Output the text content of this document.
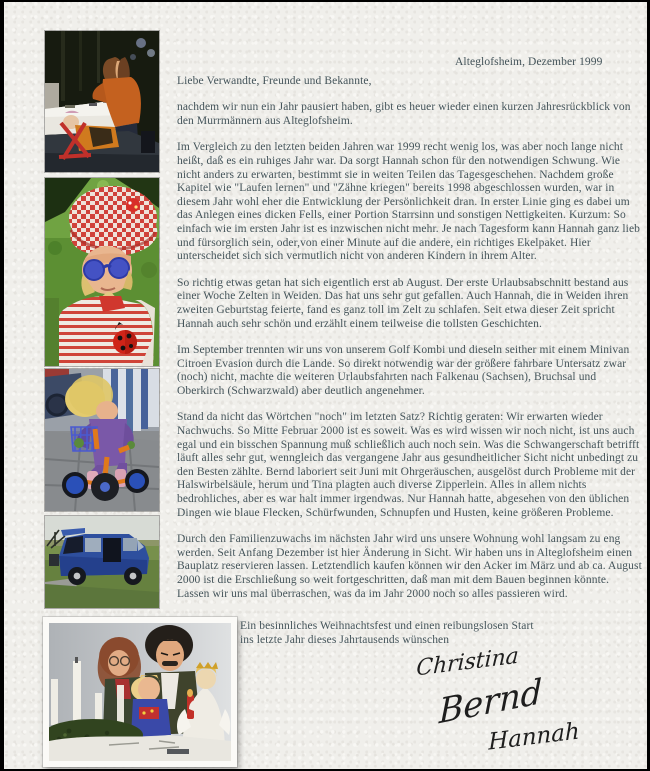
Alteglofsheim, Dezember 1999

Liebe Verwandte, Freunde und Bekannte,

nachdem wir nun ein Jahr pausiert haben, gibt es heuer wieder einen kurzen Jahresrückblick von den Murrmännern aus Alteglofsheim.

Im Vergleich zu den letzten beiden Jahren war 1999 recht wenig los, was aber noch lange nicht heißt, daß es ein ruhiges Jahr war. Da sorgt Hannah schon für den notwendigen Schwung. Wie nicht anders zu erwarten, bestimmt sie in weiten Teilen das Tagesgeschehen. Nachdem große Kapitel wie "Laufen lernen" und "Zähne kriegen" bereits 1998 abgeschlossen wurden, war in diesem Jahr wohl eher die Entwicklung der Persönlichkeit dran. In erster Linie ging es dabei um das Anlegen eines dicken Fells, einer Portion Starrsinn und sonstigen Nettigkeiten. Kurzum: So einfach wie im ersten Jahr ist es inzwischen nicht mehr. Je nach Tagesform kann Hannah ganz lieb und fürsorglich sein, oder,von einer Minute auf die andere, ein richtiges Ekelpaket. Hier unterscheidet sich sich vermutlich nicht von anderen Kindern in ihrem Alter.

So richtig etwas getan hat sich eigentlich erst ab August. Der erste Urlaubsabschnitt bestand aus einer Woche Zelten in Weiden. Das hat uns sehr gut gefallen. Auch Hannah, die in Weiden ihren zweiten Geburtstag feierte, fand es ganz toll im Zelt zu schlafen. Seit etwa dieser Zeit spricht Hannah auch sehr schön und erzählt einem teilweise die tollsten Geschichten.

Im September trennten wir uns von unserem Golf Kombi und dieseln seither mit einem Minivan Citroen Evasion durch die Lande. So direkt notwendig war der größere fahrbare Untersatz zwar (noch) nicht, machte die weiteren Urlaubsfahrten nach Falkenau (Sachsen), Bruchsal und Oberkirch (Schwarzwald) aber deutlich angenehmer.

Stand da nicht das Wörtchen "noch" im letzten Satz? Richtig geraten: Wir erwarten wieder Nachwuchs. So Mitte Februar 2000 ist es soweit. Was es wird wissen wir noch nicht, ist uns auch egal und ein bisschen Spannung muß schließlich auch noch sein. Was die Schwangerschaft betrifft läuft alles sehr gut, wenngleich das vergangene Jahr aus gesundheitlicher Sicht nicht unbedingt zu den Besten zählte. Bernd laboriert seit Juni mit Ohrgeräuschen, ausgelöst durch Probleme mit der Halswirbelsäule, herum und Tina plagten auch diverse Zipperlein. Alles in allem nichts bedrohliches, aber es war halt immer irgendwas. Nur Hannah hatte, abgesehen von den üblichen Dingen wie blaue Flecken, Schürfwunden, Schnupfen und Husten, keine größeren Probleme.

Durch den Familienzuwachs im nächsten Jahr wird uns unsere Wohnung wohl langsam zu eng werden. Seit Anfang Dezember ist hier Änderung in Sicht. Wir haben uns in Alteglofsheim einen Bauplatz reservieren lassen. Letztendlich kaufen können wir den Acker im März und ab ca. August 2000 ist die Erschließung so weit fortgeschritten, daß man mit dem Bauen beginnen könnte. Lassen wir uns mal überraschen, was da im Jahr 2000 noch so alles passieren wird.

Ein besinnliches Weihnachtsfest und einen reibungslosen Start ins letzte Jahr dieses Jahrtausends wünschen
Christina
Bernd
Hannah
